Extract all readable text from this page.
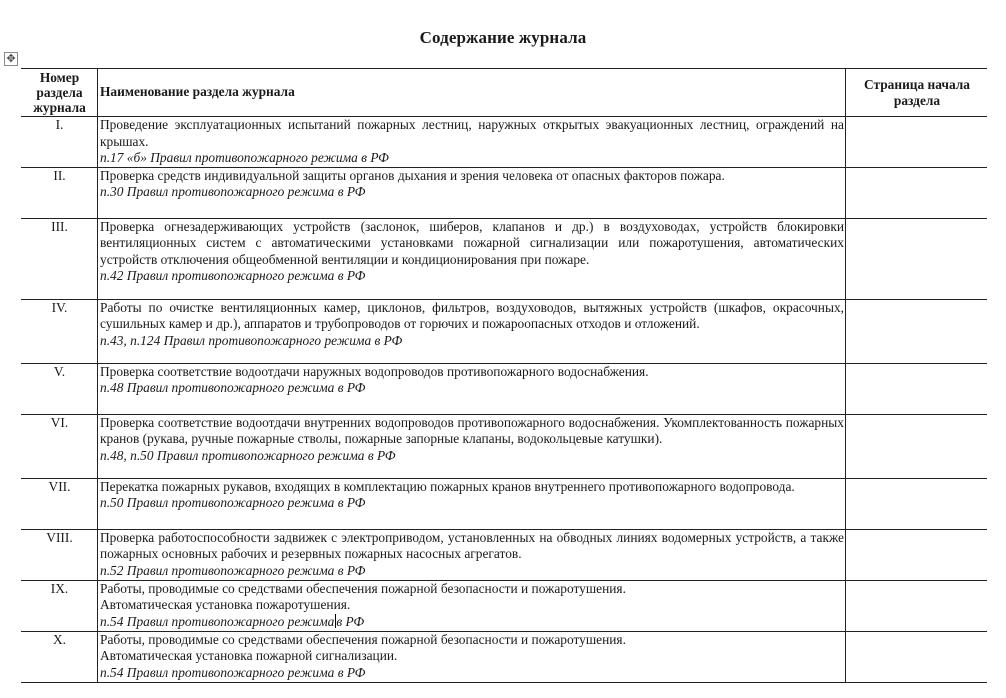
Содержание журнала
✥
Номер раздела журнала	Наименование раздела журнала	Страница начала раздела
I.	Проведение эксплуатационных испытаний пожарных лестниц, наружных открытых эвакуационных лестниц, ограждений на крышах.
п.17 «б» Правил противопожарного режима в РФ	

II.	Проверка средств индивидуальной защиты органов дыхания и зрения человека от опасных факторов пожара.
п.30 Правил противопожарного режима в РФ	

III.	Проверка огнезадерживающих устройств (заслонок, шиберов, клапанов и др.) в воздуховодах, устройств блокировки вентиляционных систем с автоматическими установками пожарной сигнализации или пожаротушения, автоматических устройств отключения общеобменной вентиляции и кондиционирования при пожаре.
п.42 Правил противопожарного режима в РФ	

IV.	Работы по очистке вентиляционных камер, циклонов, фильтров, воздуховодов, вытяжных устройств (шкафов, окрасочных, сушильных камер и др.), аппаратов и трубопроводов от горючих и пожароопасных отходов и отложений.
п.43, п.124 Правил противопожарного режима в РФ	

V.	Проверка соответствие водоотдачи наружных водопроводов противопожарного водоснабжения.
п.48 Правил противопожарного режима в РФ	

VI.	Проверка соответствие водоотдачи внутренних водопроводов противопожарного водоснабжения. Укомплектованность пожарных кранов (рукава, ручные пожарные стволы, пожарные запорные клапаны, водокольцевые катушки).
п.48, п.50 Правил противопожарного режима в РФ	

VII.	Перекатка пожарных рукавов, входящих в комплектацию пожарных кранов внутреннего противопожарного водопровода.
п.50 Правил противопожарного режима в РФ	

VIII.	Проверка работоспособности задвижек с электроприводом, установленных на обводных линиях водомерных устройств, а также пожарных основных рабочих и резервных пожарных насосных агрегатов.
п.52 Правил противопожарного режима в РФ	

IX.	Работы, проводимые со средствами обеспечения пожарной безопасности и пожаротушения.
Автоматическая установка пожаротушения.
п.54 Правил противопожарного режима в РФ	

X.	Работы, проводимые со средствами обеспечения пожарной безопасности и пожаротушения.
Автоматическая установка пожарной сигнализации.
п.54 Правил противопожарного режима в РФ	
